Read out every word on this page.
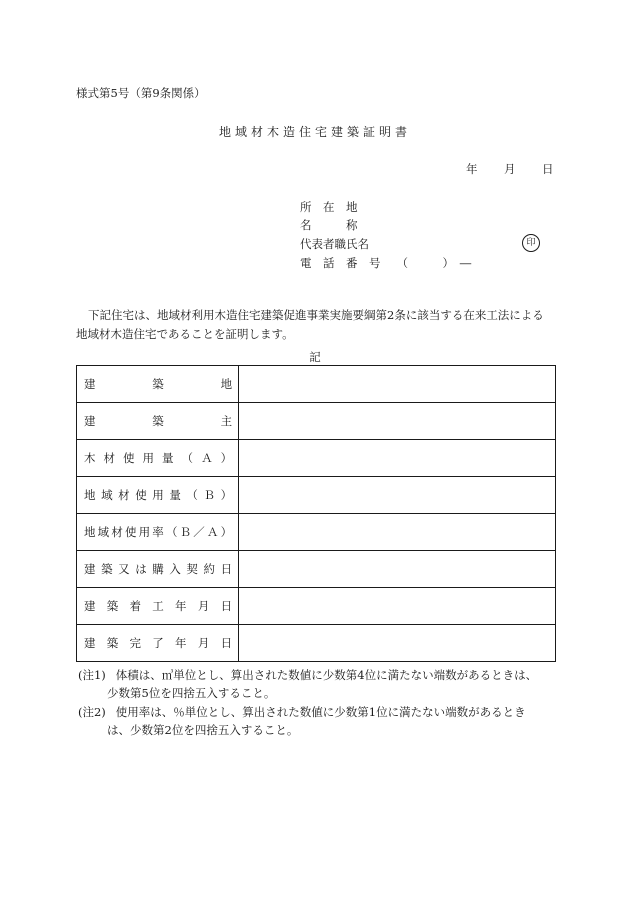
様式第5号（第9条関係）
地域材木造住宅建築証明書
年 月 日
所　在　地
名　　　称
代表者職氏名	印
電　話　番　号 （　　　）　―
下記住宅は、地域材利用木造住宅建築促進事業実施要綱第2条に該当する在来工法による地域材木造住宅であることを証明します。
記
建築地	

建築主	

木材使用量（Ａ）	

地域材使用量（Ｂ）	

地域材使用率（Ｂ／Ａ）	

建築又は購入契約日	

建築着工年月日	

建築完了年月日	

(注1) 体積は、㎥単位とし、算出された数値に少数第4位に満たない端数があるときは、
少数第5位を四捨五入すること。
(注2) 使用率は、％単位とし、算出された数値に少数第1位に満たない端数があるとき
は、少数第2位を四捨五入すること。
